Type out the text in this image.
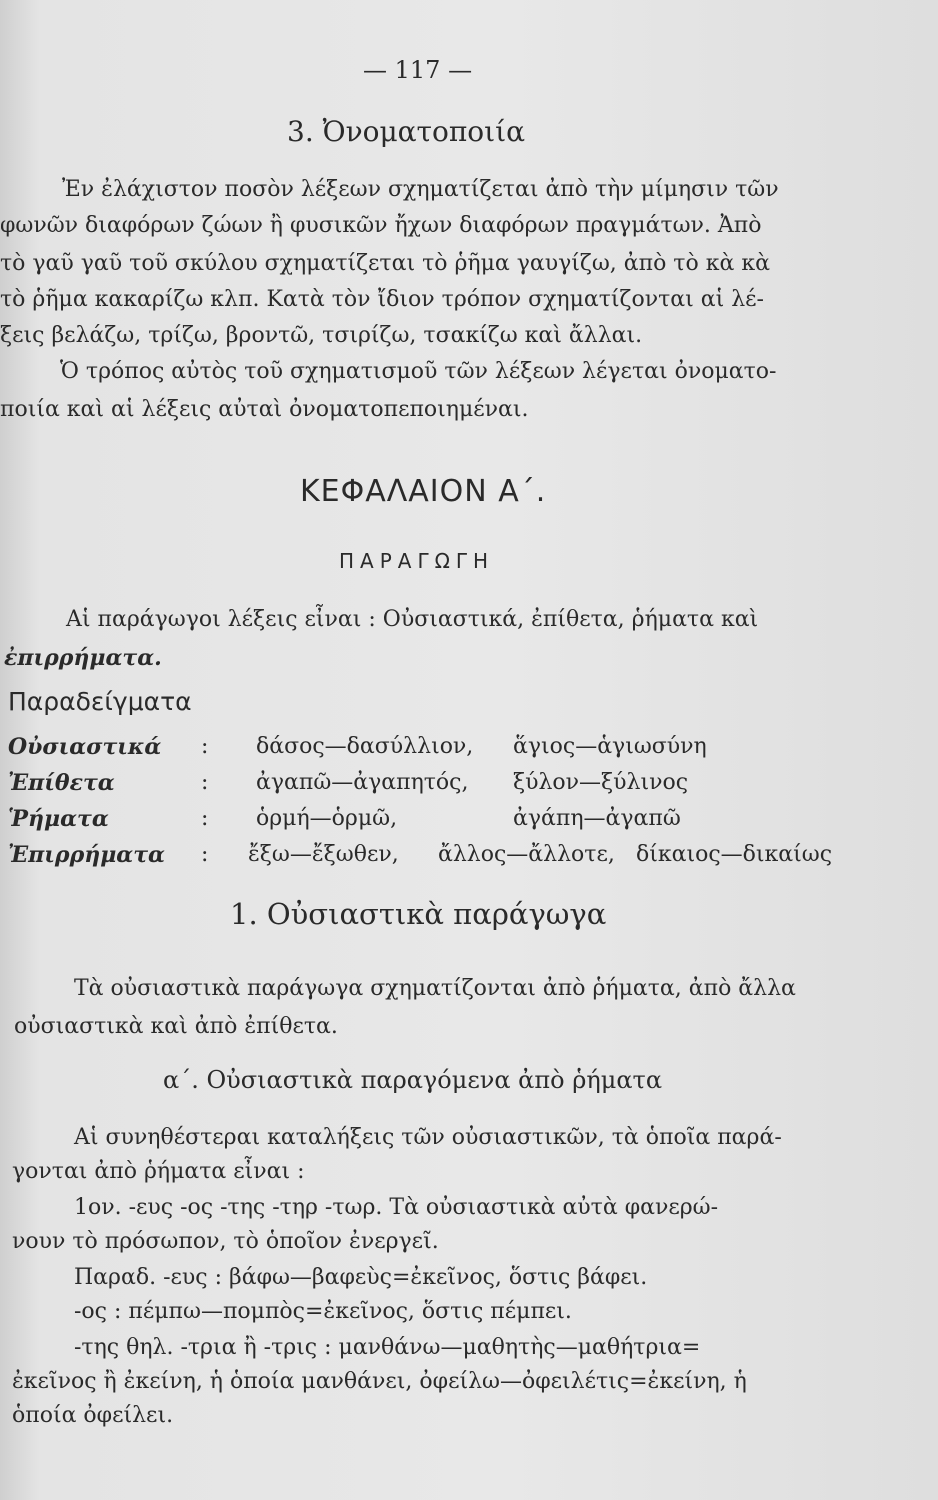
— 117 —
3. Ὀνοματοποιία
Ἐν ἐλάχιστον ποσὸν λέξεων σχηματίζεται ἀπὸ τὴν μίμησιν τῶν
φωνῶν διαφόρων ζώων ἢ φυσικῶν ἤχων διαφόρων πραγμάτων. Ἀπὸ
τὸ γαῦ γαῦ τοῦ σκύλου σχηματίζεται τὸ ῥῆμα γαυγίζω, ἀπὸ τὸ κὰ κὰ
τὸ ῥῆμα κακαρίζω κλπ. Κατὰ τὸν ἴδιον τρόπον σχηματίζονται αἱ λέ-
ξεις βελάζω, τρίζω, βροντῶ, τσιρίζω, τσακίζω καὶ ἄλλαι.
Ὁ τρόπος αὐτὸς τοῦ σχηματισμοῦ τῶν λέξεων λέγεται ὀνοματο-
ποιία καὶ αἱ λέξεις αὐταὶ ὀνοματοπεποιημέναι.
ΚΕΦΑΛΑΙΟΝ Α΄.
ΠΑΡΑΓΩΓΗ
Αἱ παράγωγοι λέξεις εἶναι : Οὐσιαστικά, ἐπίθετα, ῥήματα καὶ
ἐπιρρήματα.
Παραδείγματα
Οὐσιαστικά : δάσος—δασύλλιον, ἅγιος—ἁγιωσύνη
Ἐπίθετα	: ἀγαπῶ—ἀγαπητός, ξύλον—ξύλινος
Ῥήματα	: ὁρμή—ὁρμῶ,	ἀγάπη—ἀγαπῶ
Ἐπιρρήματα : ἔξω—ἔξωθεν, ἄλλος—ἄλλοτε, δίκαιος—δικαίως
1. Οὐσιαστικὰ παράγωγα
Τὰ οὐσιαστικὰ παράγωγα σχηματίζονται ἀπὸ ῥήματα, ἀπὸ ἄλλα
οὐσιαστικὰ καὶ ἀπὸ ἐπίθετα.
α΄. Οὐσιαστικὰ παραγόμενα ἀπὸ ῥήματα
Αἱ συνηθέστεραι καταλήξεις τῶν οὐσιαστικῶν, τὰ ὁποῖα παρά-
γονται ἀπὸ ῥήματα εἶναι :
1ον. -ευς -ος -της -τηρ -τωρ. Τὰ οὐσιαστικὰ αὐτὰ φανερώ-
νουν τὸ πρόσωπον, τὸ ὁποῖον ἐνεργεῖ.
Παραδ. -ευς : βάφω—βαφεὺς=ἐκεῖνος, ὅστις βάφει.
-ος : πέμπω—πομπὸς=ἐκεῖνος, ὅστις πέμπει.
-της θηλ. -τρια ἢ -τρις : μανθάνω—μαθητὴς—μαθήτρια=
ἐκεῖνος ἢ ἐκείνη, ἡ ὁποία μανθάνει, ὀφείλω—ὀφειλέτις=ἐκείνη, ἡ
ὁποία ὀφείλει.
